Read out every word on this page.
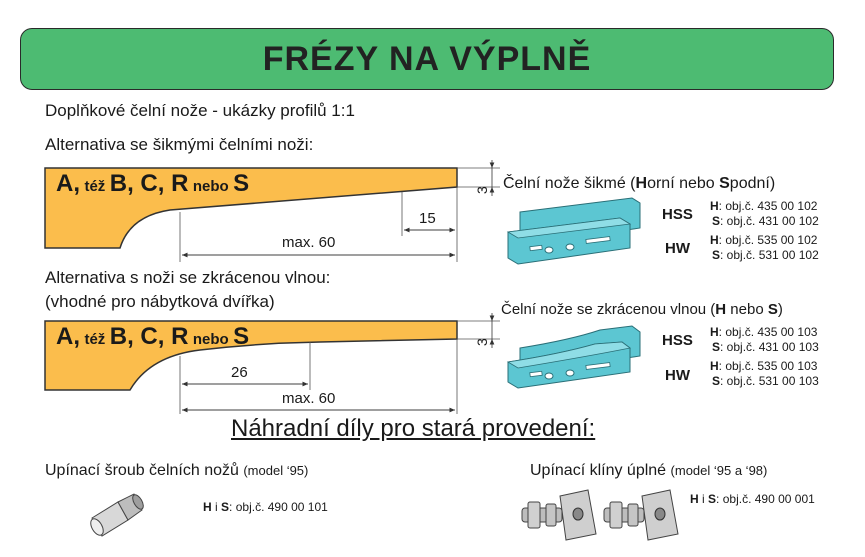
FRÉZY NA VÝPLNĚ
Doplňkové čelní nože - ukázky profilů 1:1
Alternativa se šikmými čelními noži:
Alternativa s noži se zkrácenou vlnou:
(vhodné pro nábytková dvířka)
A, též B, C, R nebo S	3
15
max. 60
A, též B, C, R nebo S	3
26
max. 60
Čelní nože šikmé (Horní nebo Spodní)
HSS
HW
H: obj.č. 435 00 102
S: obj.č. 431 00 102
H: obj.č. 535 00 102
S: obj.č. 531 00 102
Čelní nože se zkrácenou vlnou (H nebo S)
HSS
HW
H: obj.č. 435 00 103
S: obj.č. 431 00 103
H: obj.č. 535 00 103
S: obj.č. 531 00 103
Náhradní díly pro stará provedení:
Upínací šroub čelních nožů (model ‘95)
H i S: obj.č. 490 00 101
Upínací klíny úplné (model ‘95 a ‘98)
H i S: obj.č. 490 00 001
